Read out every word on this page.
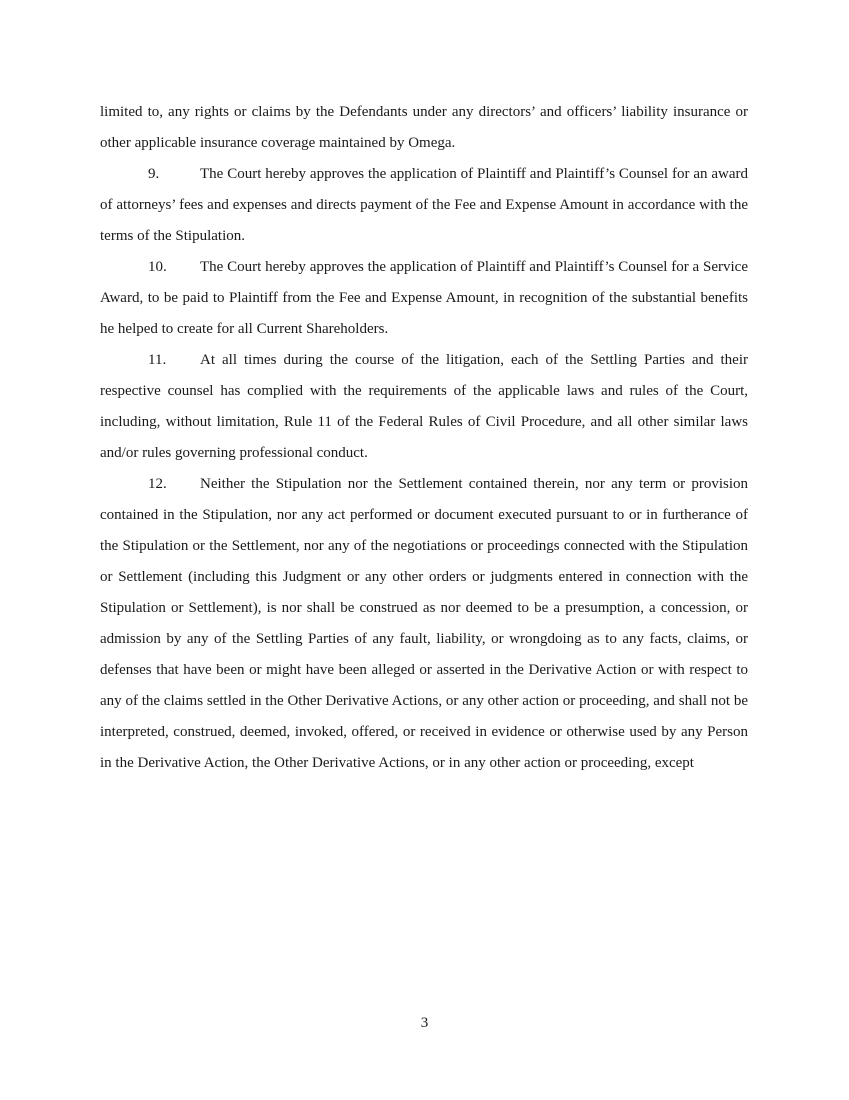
limited to, any rights or claims by the Defendants under any directors’ and officers’ liability insurance or other applicable insurance coverage maintained by Omega.

9.	The Court hereby approves the application of Plaintiff and Plaintiff’s Counsel for an award of attorneys’ fees and expenses and directs payment of the Fee and Expense Amount in accordance with the terms of the Stipulation.

10. The Court hereby approves the application of Plaintiff and Plaintiff’s Counsel for a Service Award, to be paid to Plaintiff from the Fee and Expense Amount, in recognition of the substantial benefits he helped to create for all Current Shareholders.

11. At all times during the course of the litigation, each of the Settling Parties and their respective counsel has complied with the requirements of the applicable laws and rules of the Court, including, without limitation, Rule 11 of the Federal Rules of Civil Procedure, and all other similar laws and/or rules governing professional conduct.

12. Neither the Stipulation nor the Settlement contained therein, nor any term or provision contained in the Stipulation, nor any act performed or document executed pursuant to or in furtherance of the Stipulation or the Settlement, nor any of the negotiations or proceedings connected with the Stipulation or Settlement (including this Judgment or any other orders or judgments entered in connection with the Stipulation or Settlement), is nor shall be construed as nor deemed to be a presumption, a concession, or admission by any of the Settling Parties of any fault, liability, or wrongdoing as to any facts, claims, or defenses that have been or might have been alleged or asserted in the Derivative Action or with respect to any of the claims settled in the Other Derivative Actions, or any other action or proceeding, and shall not be interpreted, construed, deemed, invoked, offered, or received in evidence or otherwise used by any Person in the Derivative Action, the Other Derivative Actions, or in any other action or proceeding, except

3
